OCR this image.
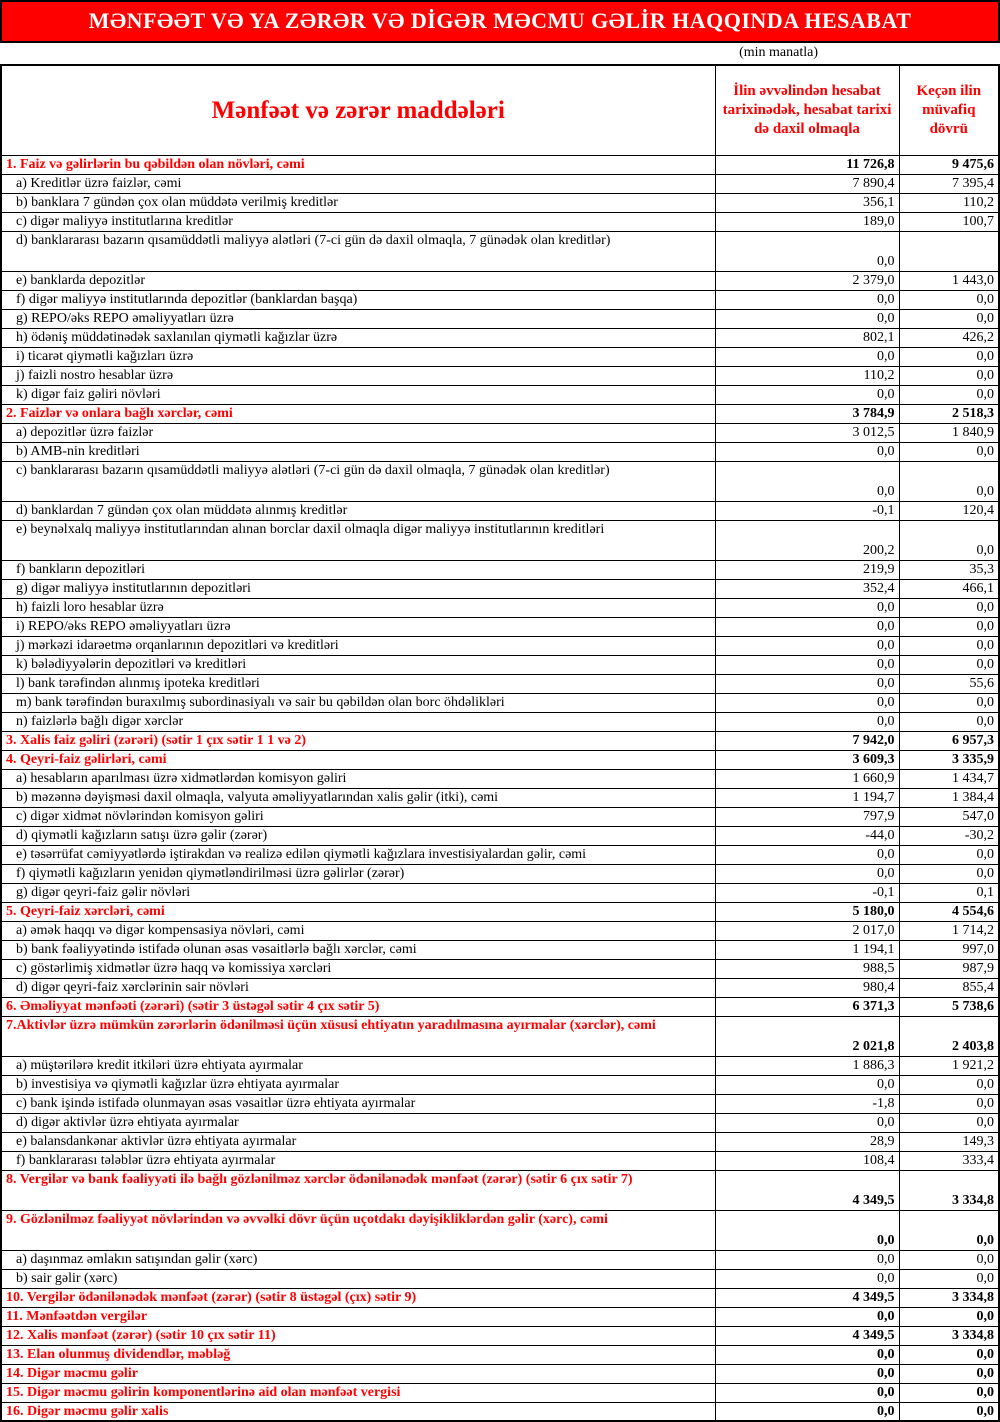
MƏNFƏƏT VƏ YA ZƏRƏR VƏ DİGƏR MƏCMU GƏLİR HAQQINDA HESABAT
(min manatla)
Mənfəət və zərər maddələri	İlin əvvəlindən hesabat tarixinədək, hesabat tarixi də daxil olmaqla	Keçən ilin müvafiq dövrü
1. Faiz və gəlirlərin bu qəbildən olan növləri, cəmi	11 726,8	9 475,6
a) Kreditlər üzrə faizlər, cəmi	7 890,4	7 395,4
b) banklara 7 gündən çox olan müddətə verilmiş kreditlər	356,1	110,2
c) digər maliyyə institutlarına kreditlər	189,0	100,7
d) banklararası bazarın qısamüddətli maliyyə alətləri (7-ci gün də daxil olmaqla, 7 günədək olan kreditlər)	0,0	
e) banklarda depozitlər	2 379,0	1 443,0
f) digər maliyyə institutlarında depozitlər (banklardan başqa)	0,0	0,0
g) REPO/əks REPO əməliyyatları üzrə	0,0	0,0
h) ödəniş müddətinədək saxlanılan qiymətli kağızlar üzrə	802,1	426,2
i) ticarət qiymətli kağızları üzrə	0,0	0,0
j) faizli nostro hesablar üzrə	110,2	0,0
k) digər faiz gəliri növləri	0,0	0,0
2. Faizlər və onlara bağlı xərclər, cəmi	3 784,9	2 518,3
a) depozitlər üzrə faizlər	3 012,5	1 840,9
b) AMB-nin kreditləri	0,0	0,0
c) banklararası bazarın qısamüddətli maliyyə alətləri (7-ci gün də daxil olmaqla, 7 günədək olan kreditlər)	0,0	0,0
d) banklardan 7 gündən çox olan müddətə alınmış kreditlər	-0,1	120,4
e) beynəlxalq maliyyə institutlarından alınan borclar daxil olmaqla digər maliyyə institutlarının kreditləri	200,2	0,0
f) bankların depozitləri	219,9	35,3
g) digər maliyyə institutlarının depozitləri	352,4	466,1
h) faizli loro hesablar üzrə	0,0	0,0
i) REPO/əks REPO əməliyyatları üzrə	0,0	0,0
j) mərkəzi idarəetmə orqanlarının depozitləri və kreditləri	0,0	0,0
k) bələdiyyələrin depozitləri və kreditləri	0,0	0,0
l) bank tərəfindən alınmış ipoteka kreditləri	0,0	55,6
m) bank tərəfindən buraxılmış subordinasiyalı və sair bu qəbildən olan borc öhdəlikləri	0,0	0,0
n) faizlərlə bağlı digər xərclər	0,0	0,0
3. Xalis faiz gəliri (zərəri) (sətir 1 çıx sətir 1 1 və 2)	7 942,0	6 957,3
4. Qeyri-faiz gəlirləri, cəmi	3 609,3	3 335,9
a) hesabların aparılması üzrə xidmətlərdən komisyon gəliri	1 660,9	1 434,7
b) məzənnə dəyişməsi daxil olmaqla, valyuta əməliyyatlarından xalis gəlir (itki), cəmi	1 194,7	1 384,4
c) digər xidmət növlərindən komisyon gəliri	797,9	547,0
d) qiymətli kağızların satışı üzrə gəlir (zərər)	-44,0	-30,2
e) təsərrüfat cəmiyyətlərdə iştirakdan və realizə edilən qiymətli kağızlara investisiyalardan gəlir, cəmi	0,0	0,0
f) qiymətli kağızların yenidən qiymətləndirilməsi üzrə gəlirlər (zərər)	0,0	0,0
g) digər qeyri-faiz gəlir növləri	-0,1	0,1
5. Qeyri-faiz xərcləri, cəmi	5 180,0	4 554,6
a) əmək haqqı və digər kompensasiya növləri, cəmi	2 017,0	1 714,2
b) bank fəaliyyətində istifadə olunan əsas vəsaitlərlə bağlı xərclər, cəmi	1 194,1	997,0
c) göstərlimiş xidmətlər üzrə haqq və komissiya xərcləri	988,5	987,9
d) digər qeyri-faiz xərclərinin sair növləri	980,4	855,4
6. Əməliyyat mənfəəti (zərəri) (sətir 3 üstəgəl sətir 4 çıx sətir 5)	6 371,3	5 738,6
7.Aktivlər üzrə mümkün zərərlərin ödənilməsi üçün xüsusi ehtiyatın yaradılmasına ayırmalar (xərclər), cəmi	2 021,8	2 403,8
a) müştərilərə kredit itkiləri üzrə ehtiyata ayırmalar	1 886,3	1 921,2
b) investisiya və qiymətli kağızlar üzrə ehtiyata ayırmalar	0,0	0,0
c) bank işində istifadə olunmayan əsas vəsaitlər üzrə ehtiyata ayırmalar	-1,8	0,0
d) digər aktivlər üzrə ehtiyata ayırmalar	0,0	0,0
e) balansdankənar aktivlər üzrə ehtiyata ayırmalar	28,9	149,3
f) banklararası tələblər üzrə ehtiyata ayırmalar	108,4	333,4
8. Vergilər və bank fəaliyyəti ilə bağlı gözlənilməz xərclər ödənilənədək mənfəət (zərər) (sətir 6 çıx sətir 7)	4 349,5	3 334,8
9. Gözlənilməz fəaliyyət növlərindən və əvvəlki dövr üçün uçotdakı dəyişikliklərdən gəlir (xərc), cəmi	0,0	0,0
a) daşınmaz əmlakın satışından gəlir (xərc)	0,0	0,0
b) sair gəlir (xərc)	0,0	0,0
10. Vergilər ödənilənədək mənfəət (zərər) (sətir 8 üstəgəl (çıx) sətir 9)	4 349,5	3 334,8
11. Mənfəətdən vergilər	0,0	0,0
12. Xalis mənfəət (zərər) (sətir 10 çıx sətir 11)	4 349,5	3 334,8
13. Elan olunmuş dividendlər, məbləğ	0,0	0,0
14. Digər məcmu gəlir	0,0	0,0
15. Digər məcmu gəlirin komponentlərinə aid olan mənfəət vergisi	0,0	0,0
16. Digər məcmu gəlir xalis	0,0	0,0
